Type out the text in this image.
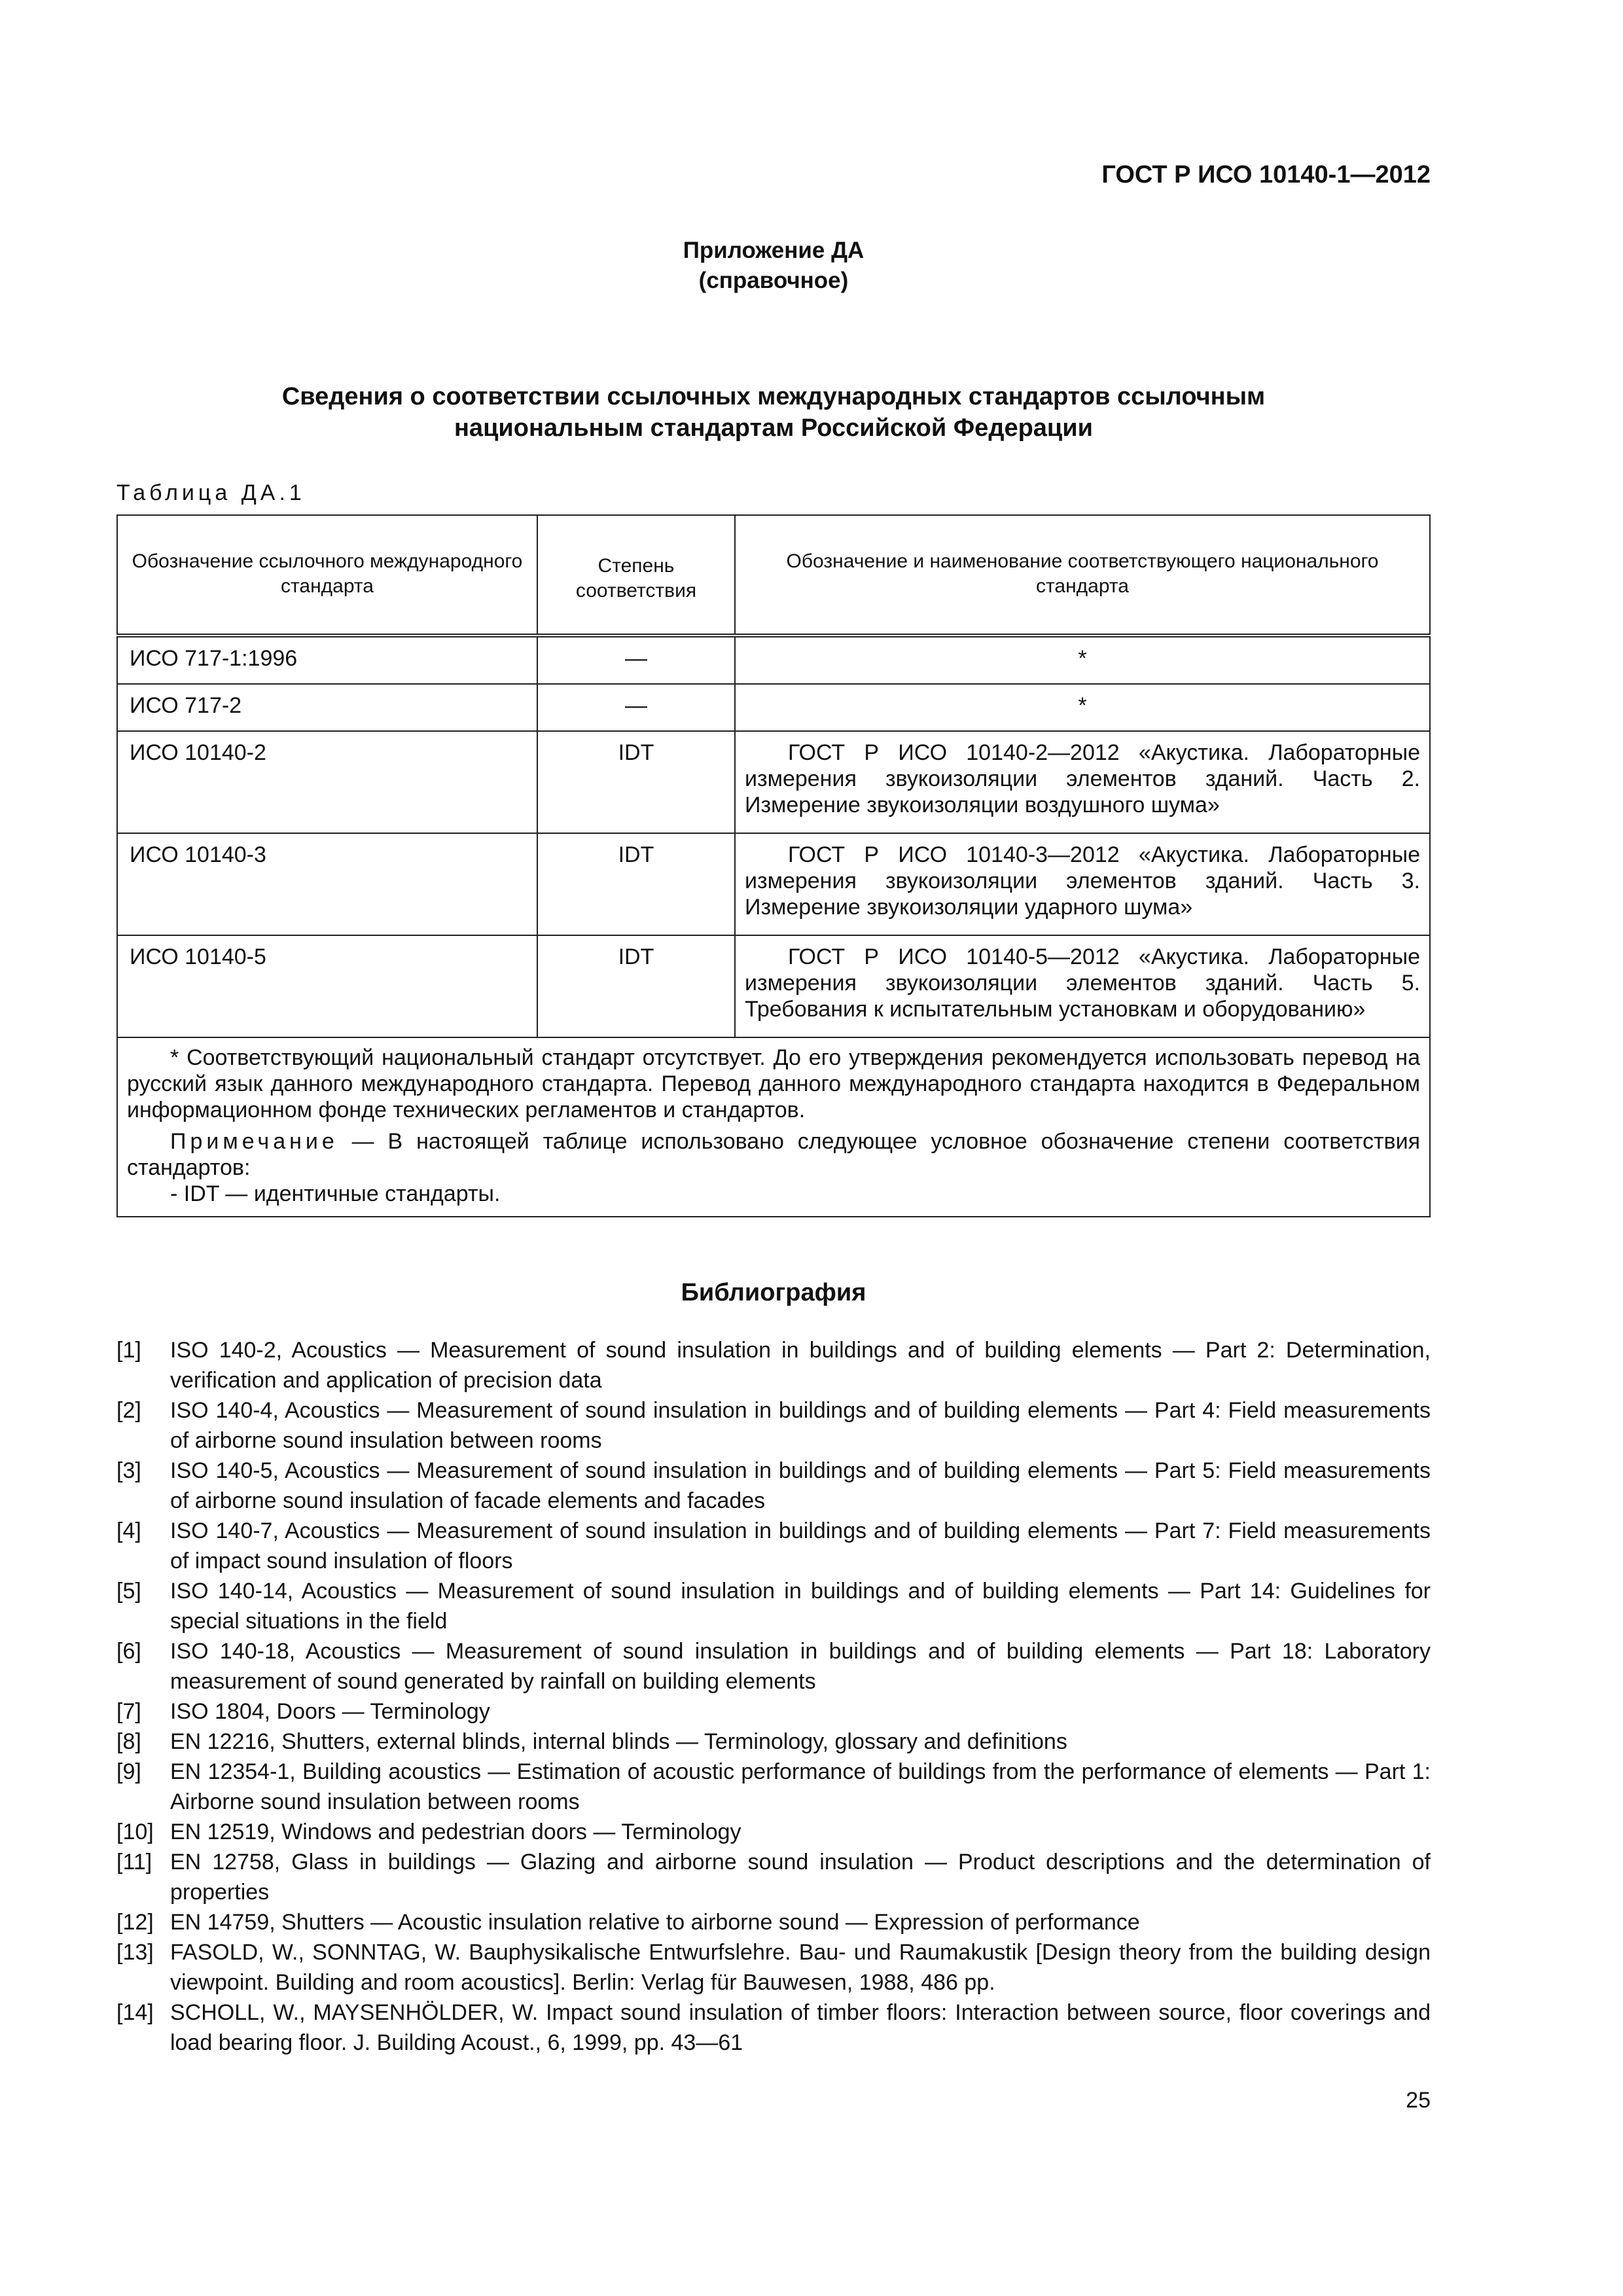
ГОСТ Р ИСО 10140-1—2012
Приложение ДА
(справочное)
Сведения о соответствии ссылочных международных стандартов ссылочным
национальным стандартам Российской Федерации
Таблица ДА.1
Обозначение ссылочного международного стандарта	Степень соответствия	Обозначение и наименование соответствующего национального стандарта
ИСО 717-1:1996	—	*
ИСО 717-2	—	*
ИСО 10140-2	IDT	ГОСТ Р ИСО 10140-2—2012 «Акустика. Лабораторные измерения звукоизоляции элементов зданий. Часть 2. Измерение звукоизоляции воздушного шума»

ИСО 10140-3	IDT	ГОСТ Р ИСО 10140-3—2012 «Акустика. Лабораторные измерения звукоизоляции элементов зданий. Часть 3. Измерение звукоизоляции ударного шума»

ИСО 10140-5	IDT	ГОСТ Р ИСО 10140-5—2012 «Акустика. Лабораторные измерения звукоизоляции элементов зданий. Часть 5. Требования к испытательным установкам и оборудованию»

* Соответствующий национальный стандарт отсутствует. До его утверждения рекомендуется использовать перевод на русский язык данного международного стандарта. Перевод данного международного стандарта находится в Федеральном информационном фонде технических регламентов и стандартов.

Примечание — В настоящей таблице использовано следующее условное обозначение степени соответствия стандартов:

- IDT — идентичные стандарты.		

Библиография
[1]	ISO 140-2, Acoustics — Measurement of sound insulation in buildings and of building elements — Part 2: Determination, verification and application of precision data
[2]	ISO 140-4, Acoustics — Measurement of sound insulation in buildings and of building elements — Part 4: Field measurements of airborne sound insulation between rooms
[3]	ISO 140-5, Acoustics — Measurement of sound insulation in buildings and of building elements — Part 5: Field measurements of airborne sound insulation of facade elements and facades
[4]	ISO 140-7, Acoustics — Measurement of sound insulation in buildings and of building elements — Part 7: Field measurements of impact sound insulation of floors
[5]	ISO 140-14, Acoustics — Measurement of sound insulation in buildings and of building elements — Part 14: Guidelines for special situations in the field
[6]	ISO 140-18, Acoustics — Measurement of sound insulation in buildings and of building elements — Part 18: Laboratory measurement of sound generated by rainfall on building elements
[7]	ISO 1804, Doors — Terminology
[8]	EN 12216, Shutters, external blinds, internal blinds — Terminology, glossary and definitions
[9]	EN 12354-1, Building acoustics — Estimation of acoustic performance of buildings from the performance of elements — Part 1: Airborne sound insulation between rooms
[10] EN 12519, Windows and pedestrian doors — Terminology
[11] EN 12758, Glass in buildings — Glazing and airborne sound insulation — Product descriptions and the determination of properties
[12] EN 14759, Shutters — Acoustic insulation relative to airborne sound — Expression of performance
[13] FASOLD, W., SONNTAG, W. Bauphysikalische Entwurfslehre. Bau- und Raumakustik [Design theory from the building design viewpoint. Building and room acoustics]. Berlin: Verlag für Bauwesen, 1988, 486 pp.
[14] SCHOLL, W., MAYSENHÖLDER, W. Impact sound insulation of timber floors: Interaction between source, floor coverings and load bearing floor. J. Building Acoust., 6, 1999, pp. 43—61
25
